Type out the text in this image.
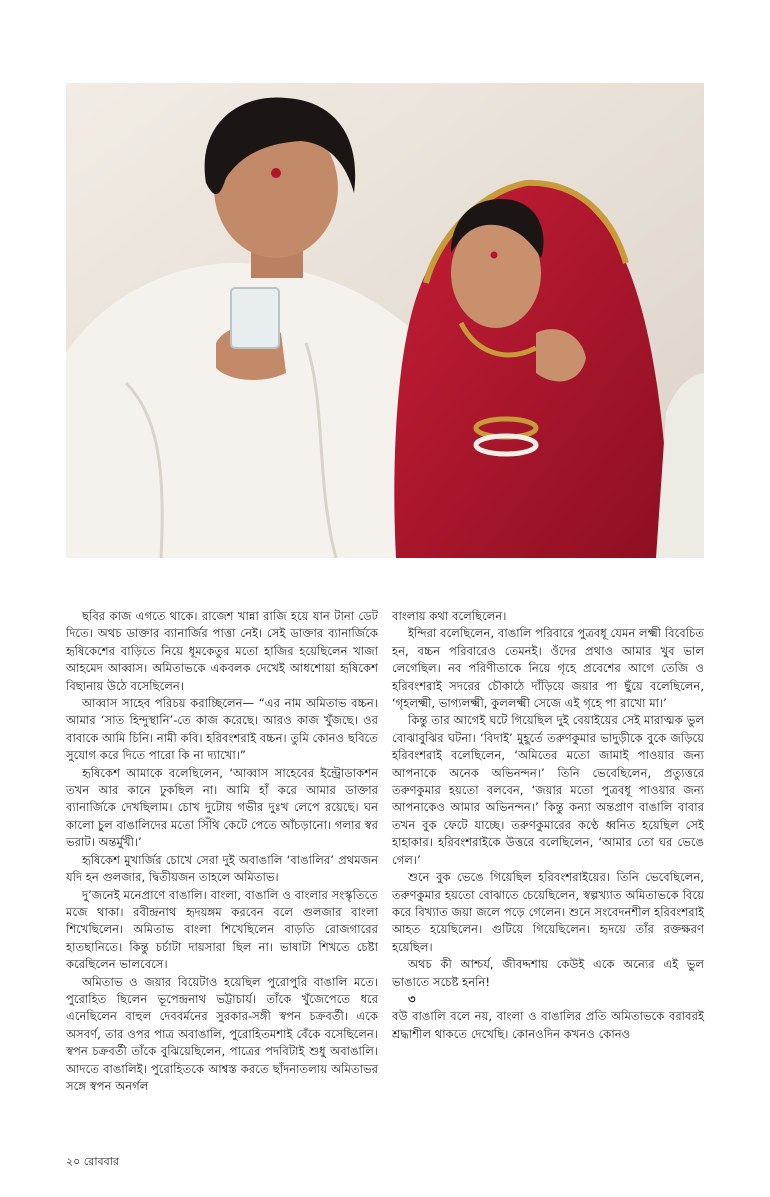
ছবির কাজ এগতে থাকে। রাজেশ খান্না রাজি হয়ে যান টানা ডেট দিতে। অথচ ডাক্তার ব্যানার্জির পাত্তা নেই। সেই ডাক্তার ব্যানার্জিকে হৃষিকেশের বাড়িতে নিয়ে ধূমকেতুর মতো হাজির হয়েছিলেন খাজা আহমেদ আব্বাস। অমিতাভকে একবলক দেখেই আধশোয়া হৃষিকেশ বিছানায় উঠে বসেছিলেন।

আব্বাস সাহেব পরিচয় করাচ্ছিলেন— “এর নাম অমিতাভ বচ্চন। আমার ‘সাত হিন্দুস্থানি’-তে কাজ করেছে। আরও কাজ খুঁজছে। ওর বাবাকে আমি চিনি। নামী কবি। হরিবংশরাই বচ্চন। তুমি কোনও ছবিতে সুযোগ করে দিতে পারো কি না দ্যাখো।”

হৃষিকেশ আমাকে বলেছিলেন, ‘আব্বাস সাহেবের ইন্ট্রোডাকশন তখন আর কানে ঢুকছিল না। আমি হাঁ করে আমার ডাক্তার ব্যানার্জিকে দেখছিলাম। চোখ দুটোয় গভীর দুঃখ লেপে রয়েছে। ঘন কালো চুল বাঙালিদের মতো সিঁথি কেটে পেতে আঁচড়ানো। গলার স্বর ভরাট। অন্তর্মুখী।’

হৃষিকেশ মুখার্জির চোখে সেরা দুই অবাঙালি ‘বাঙালির’ প্রথমজন যদি হন গুলজার, দ্বিতীয়জন তাহলে অমিতাভ।

দু’জনেই মনেপ্রাণে বাঙালি। বাংলা, বাঙালি ও বাংলার সংস্কৃতিতে মজে থাকা। রবীন্দ্রনাথ হৃদয়ঙ্গম করবেন বলে গুলজার বাংলা শিখেছিলেন। অমিতাভ বাংলা শিখেছিলেন বাড়তি রোজগারের হাতছানিতে। কিন্তু চর্চাটা দায়সারা ছিল না। ভাষাটা শিখতে চেষ্টা করেছিলেন ভালবেসে।

অমিতাভ ও জয়ার বিয়েটাও হয়েছিল পুরোপুরি বাঙালি মতে। পুরোহিত ছিলেন ভূপেন্দ্রনাথ ভট্টাচার্য। তাঁকে খুঁজেপেতে ধরে এনেছিলেন বাহুল দেববর্মনের সুরকার-সঙ্গী স্বপন চক্রবর্তী। একে অসবর্ণ, তার ওপর পাত্র অবাঙালি, পুরোহিতমশাই বেঁকে বসেছিলেন। স্বপন চক্রবর্তী তাঁকে বুঝিয়েছিলেন, পাত্রের পদবিটাই শুধু অবাঙালি। আদতে বাঙালিই। পুরোহিতকে আশ্বস্ত করতে ছাঁদনাতলায় অমিতাভর সঙ্গে স্বপন অনর্গল

বাংলায় কথা বলেছিলেন।

ইন্দিরা বলেছিলেন, বাঙালি পরিবারে পুত্রবধূ যেমন লক্ষ্মী বিবেচিত হন, বচ্চন পরিবারেও তেমনই। ওঁদের প্রথাও আমার খুব ভাল লেগেছিল। নব পরিণীতাকে নিয়ে গৃহে প্রবেশের আগে তেজি ও হরিবংশরাই সদরের চৌকাঠে দাঁড়িয়ে জয়ার পা ছুঁয়ে বলেছিলেন, ‘গৃহলক্ষ্মী, ভাগ্যলক্ষ্মী, কুললক্ষ্মী সেজে এই গৃহে পা রাখো মা।’

কিন্তু তার আগেই ঘটে গিয়েছিল দুই বেয়াইয়ের সেই মারাত্মক ভুল বোঝাবুঝির ঘটনা। ‘বিদাই’ মুহূর্তে তরুণকুমার ভাদুড়ীকে বুকে জড়িয়ে হরিবংশরাই বলেছিলেন, ‘অমিতের মতো জামাই পাওয়ার জন্য আপনাকে অনেক অভিনন্দন।’ তিনি ভেবেছিলেন, প্রত্যুত্তরে তরুণকুমার হয়তো বলবেন, ‘জয়ার মতো পুত্রবধূ পাওয়ার জন্য আপনাকেও আমার অভিনন্দন।’ কিন্তু কন্যা অন্তপ্রাণ বাঙালি বাবার তখন বুক ফেটে যাচ্ছে। তরুণকুমারের কণ্ঠে ধ্বনিত হয়েছিল সেই হাহাকার। হরিবংশরাইকে উত্তরে বলেছিলেন, ‘আমার তো ঘর ভেঙে গেল।’

শুনে বুক ভেঙে গিয়েছিল হরিবংশরাইয়ের। তিনি ভেবেছিলেন, তরুণকুমার হয়তো বোঝাতে চেয়েছিলেন, স্বল্পখ্যাত অমিতাভকে বিয়ে করে বিখ্যাত জয়া জলে পড়ে গেলেন। শুনে সংবেদনশীল হরিবংশরাই আহত হয়েছিলেন। গুটিয়ে গিয়েছিলেন। হৃদয়ে তাঁর রক্তক্ষরণ হয়েছিল।

অথচ কী আশ্চর্য, জীবদ্দশায় কেউই একে অন্যের এই ভুল ভাঙাতে সচেষ্ট হননি!

৩

বউ বাঙালি বলে নয়, বাংলা ও বাঙালির প্রতি অমিতাভকে বরাবরই শ্রদ্ধাশীল থাকতে দেখেছি। কোনওদিন কখনও কোনও

২০ রোববার
